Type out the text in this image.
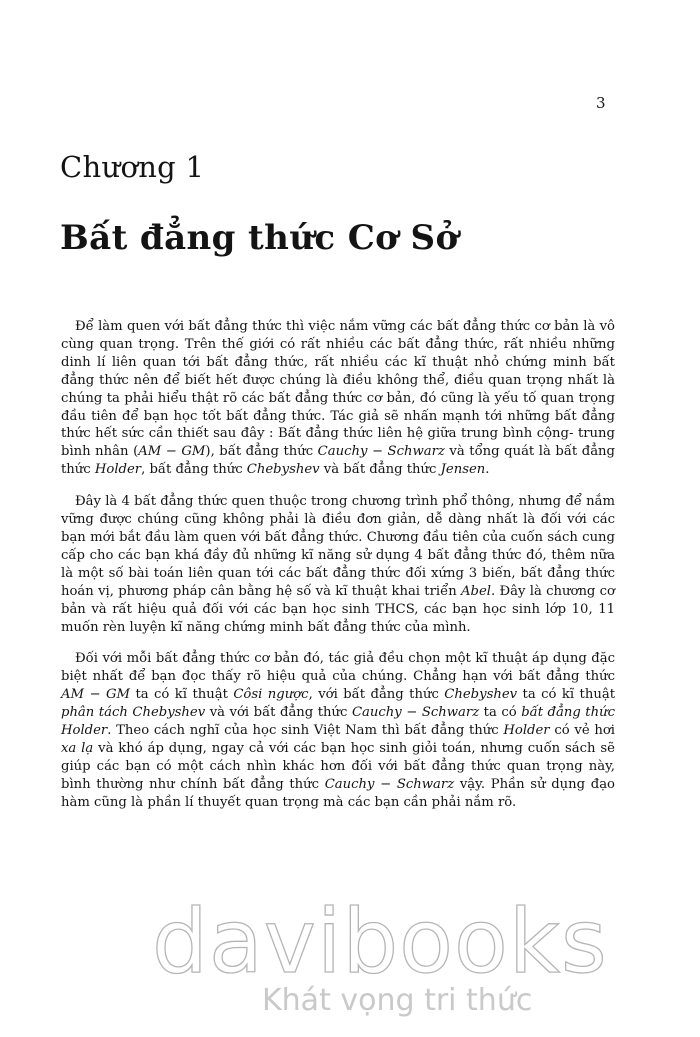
3
Chương 1
Bất đẳng thức Cơ Sở

Để làm quen với bất đẳng thức thì việc nắm vững các bất đẳng thức cơ bản là vô cùng quan trọng. Trên thế giới có rất nhiều các bất đẳng thức, rất nhiều những dinh lí liên quan tới bất đẳng thức, rất nhiều các kĩ thuật nhỏ chứng minh bất đẳng thức nên để biết hết được chúng là điều không thể, điều quan trọng nhất là chúng ta phải hiểu thật rõ các bất đẳng thức cơ bản, đó cũng là yếu tố quan trọng đầu tiên để bạn học tốt bất đẳng thức. Tác giả sẽ nhấn mạnh tới những bất đẳng thức hết sức cần thiết sau đây : Bất đẳng thức liên hệ giữa trung bình cộng- trung bình nhân (AM − GM), bất đẳng thức Cauchy − Schwarz và tổng quát là bất đẳng thức Holder, bất đẳng thức Chebyshev và bất đẳng thức Jensen.

Đây là 4 bất đẳng thức quen thuộc trong chương trình phổ thông, nhưng để nắm vững được chúng cũng không phải là điều đơn giản, dễ dàng nhất là đối với các bạn mới bắt đầu làm quen với bất đẳng thức. Chương đầu tiên của cuốn sách cung cấp cho các bạn khá đầy đủ những kĩ năng sử dụng 4 bất đẳng thức đó, thêm nữa là một số bài toán liên quan tới các bất đẳng thức đối xứng 3 biến, bất đẳng thức hoán vị, phương pháp cân bằng hệ số và kĩ thuật khai triển Abel. Đây là chương cơ bản và rất hiệu quả đối với các bạn học sinh THCS, các bạn học sinh lớp 10, 11 muốn rèn luyện kĩ năng chứng minh bất đẳng thức của mình.

Đối với mỗi bất đẳng thức cơ bản đó, tác giả đều chọn một kĩ thuật áp dụng đặc biệt nhất để bạn đọc thấy rõ hiệu quả của chúng. Chẳng hạn với bất đẳng thức AM − GM ta có kĩ thuật Côsi ngược, với bất đẳng thức Chebyshev ta có kĩ thuật phân tách Chebyshev và với bất đẳng thức Cauchy − Schwarz ta có bất đẳng thức Holder. Theo cách nghĩ của học sinh Việt Nam thì bất đẳng thức Holder có vẻ hơi xa lạ và khó áp dụng, ngay cả với các bạn học sinh giỏi toán, nhưng cuốn sách sẽ giúp các bạn có một cách nhìn khác hơn đối với bất đẳng thức quan trọng này, bình thường như chính bất đẳng thức Cauchy − Schwarz vậy. Phần sử dụng đạo hàm cũng là phần lí thuyết quan trọng mà các bạn cần phải nắm rõ.

davibooks
Khát vọng tri thức
